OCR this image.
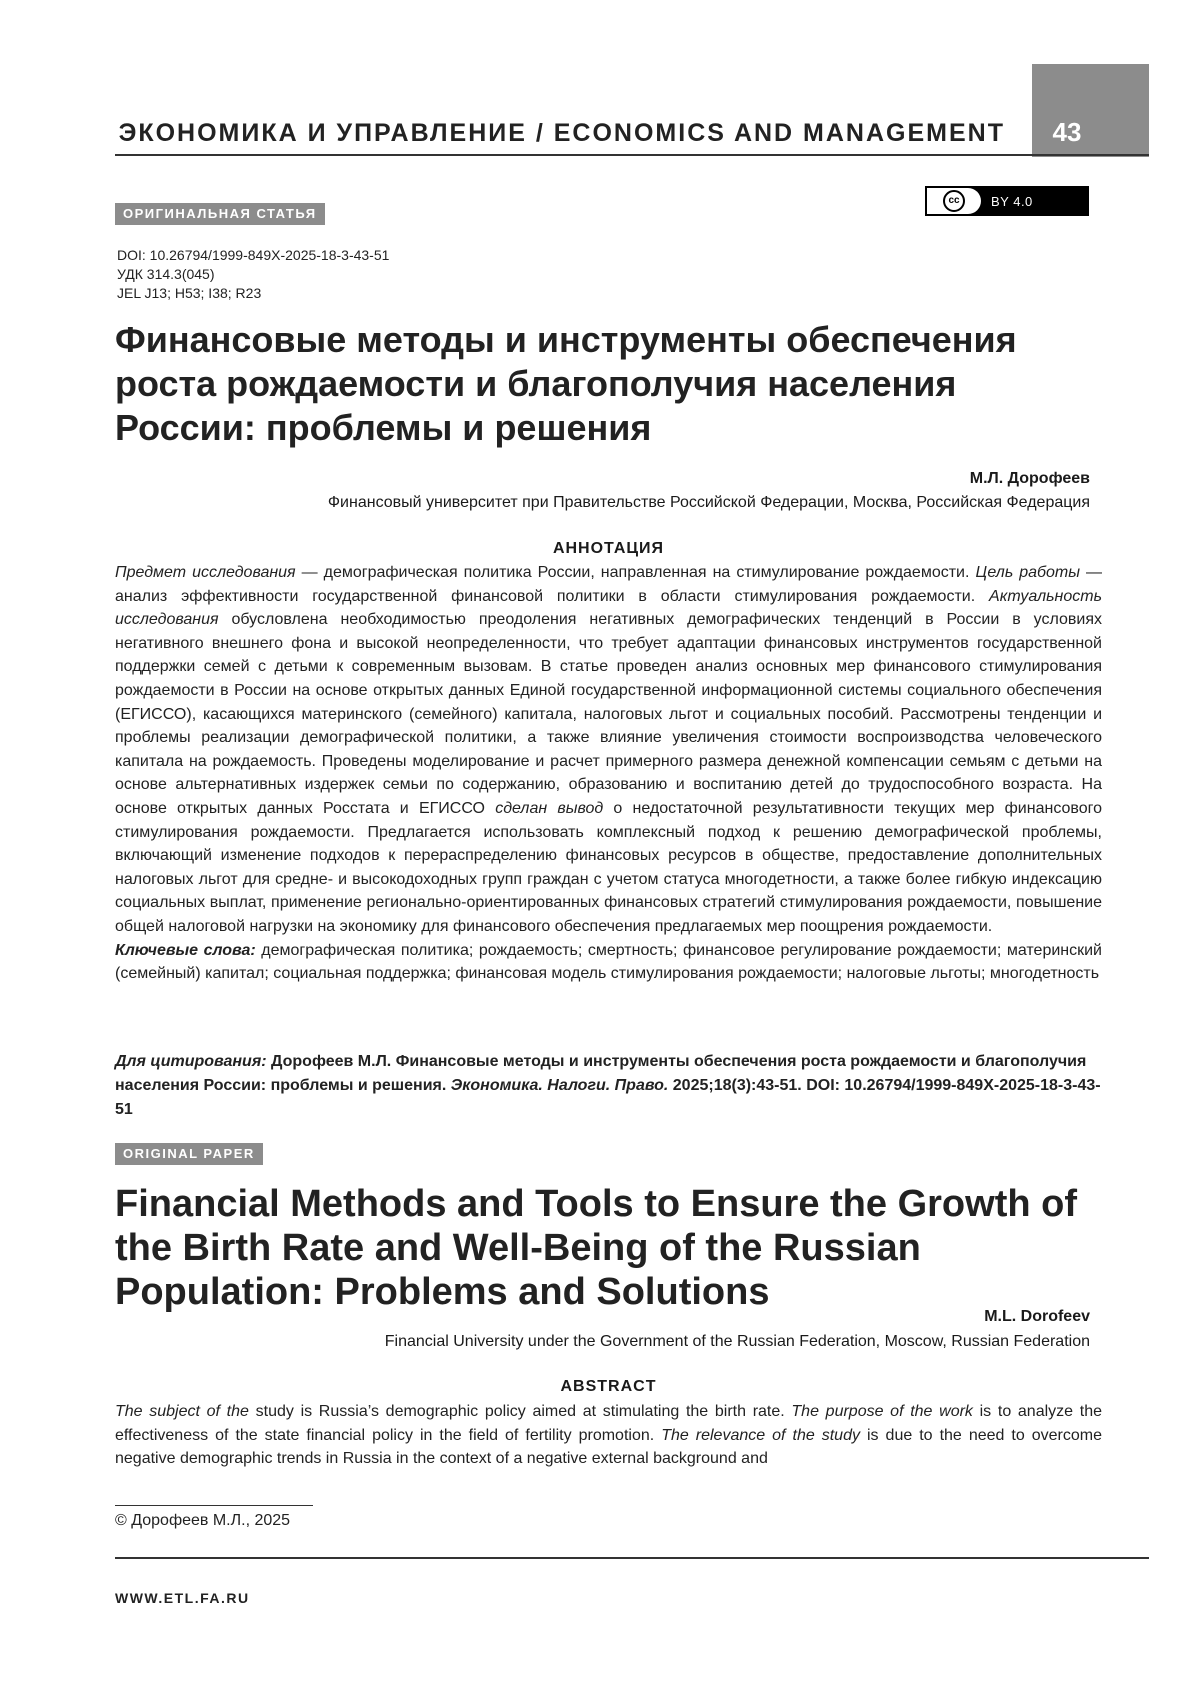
43
ЭКОНОМИКА И УПРАВЛЕНИЕ / ECONOMICS AND MANAGEMENT
ОРИГИНАЛЬНАЯ СТАТЬЯ
cc	BY 4.0
DOI: 10.26794/1999-849X-2025-18-3-43-51
УДК 314.3(045)
JEL J13; H53; I38; R23
Финансовые методы и инструменты обеспечения роста рождаемости и благополучия населения России: проблемы и решения
М.Л. Дорофеев
Финансовый университет при Правительстве Российской Федерации, Москва, Российская Федерация
АННОТАЦИЯ
Предмет исследования — демографическая политика России, направленная на стимулирование рождаемости. Цель работы — анализ эффективности государственной финансовой политики в области стимулирования рождаемости. Актуальность исследования обусловлена необходимостью преодоления негативных демографических тенденций в России в условиях негативного внешнего фона и высокой неопределенности, что требует адаптации финансовых инструментов государственной поддержки семей с детьми к современным вызовам. В статье проведен анализ основных мер финансового стимулирования рождаемости в России на основе открытых данных Единой государственной информационной системы социального обеспечения (ЕГИССО), касающихся материнского (семейного) капитала, налоговых льгот и социальных пособий. Рассмотрены тенденции и проблемы реализации демографической политики, а также влияние увеличения стоимости воспроизводства человеческого капитала на рождаемость. Проведены моделирование и расчет примерного размера денежной компенсации семьям с детьми на основе альтернативных издержек семьи по содержанию, образованию и воспитанию детей до трудоспособного возраста. На основе открытых данных Росстата и ЕГИССО сделан вывод о недостаточной результативности текущих мер финансового стимулирования рождаемости. Предлагается использовать комплексный подход к решению демографической проблемы, включающий изменение подходов к перераспределению финансовых ресурсов в обществе, предоставление дополнительных налоговых льгот для средне- и высокодоходных групп граждан с учетом статуса многодетности, а также более гибкую индексацию социальных выплат, применение регионально-ориентированных финансовых стратегий стимулирования рождаемости, повышение общей налоговой нагрузки на экономику для финансового обеспечения предлагаемых мер поощрения рождаемости.
Ключевые слова: демографическая политика; рождаемость; смертность; финансовое регулирование рождаемости; материнский (семейный) капитал; социальная поддержка; финансовая модель стимулирования рождаемости; налоговые льготы; многодетность
Для цитирования: Дорофеев М.Л. Финансовые методы и инструменты обеспечения роста рождаемости и благополучия населения России: проблемы и решения. Экономика. Налоги. Право. 2025;18(3):43-51. DOI: 10.26794/1999-849X-2025-18-3-43-51
ORIGINAL PAPER
Financial Methods and Tools to Ensure the Growth of the Birth Rate and Well-Being of the Russian Population: Problems and Solutions
M.L. Dorofeev
Financial University under the Government of the Russian Federation, Moscow, Russian Federation
ABSTRACT
The subject of the study is Russia’s demographic policy aimed at stimulating the birth rate. The purpose of the work is to analyze the effectiveness of the state financial policy in the field of fertility promotion. The relevance of the study is due to the need to overcome negative demographic trends in Russia in the context of a negative external background and
© Дорофеев М.Л., 2025
WWW.ETL.FA.RU
